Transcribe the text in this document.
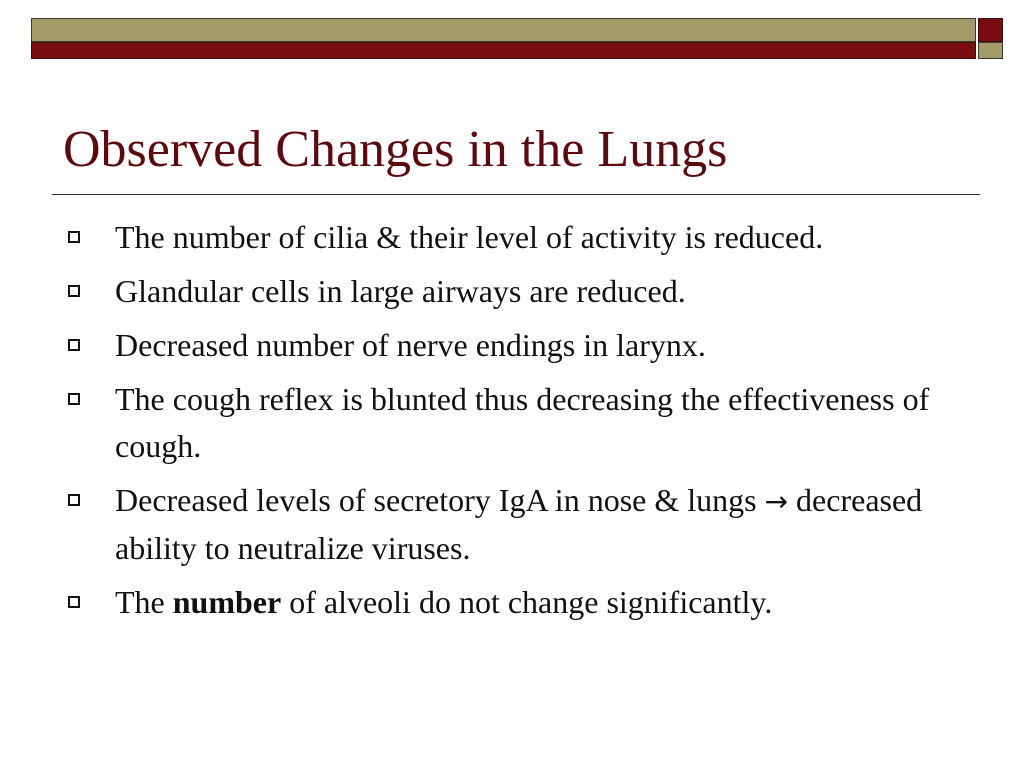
Observed Changes in the Lungs
The number of cilia & their level of activity is reduced.
Glandular cells in large airways are reduced.
Decreased number of nerve endings in larynx.
The cough reflex is blunted thus decreasing the effectiveness of cough.
Decreased levels of secretory IgA in nose & lungs → decreased ability to neutralize viruses.
The number of alveoli do not change significantly.
